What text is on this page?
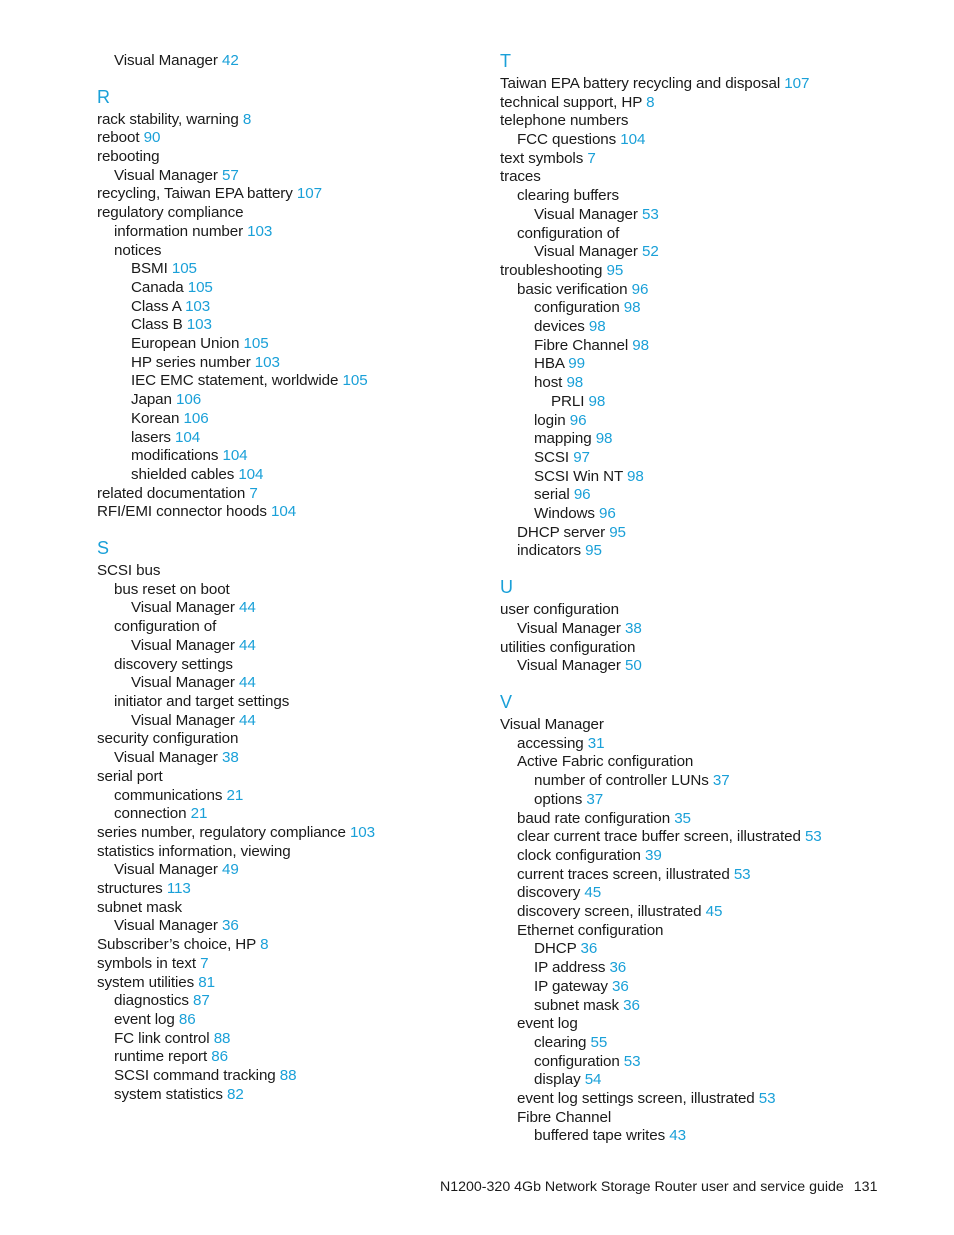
Visual Manager 42
R
rack stability, warning 8
reboot 90
rebooting
Visual Manager 57
recycling, Taiwan EPA battery 107
regulatory compliance
information number 103
notices
BSMI 105
Canada 105
Class A 103
Class B 103
European Union 105
HP series number 103
IEC EMC statement, worldwide 105
Japan 106
Korean 106
lasers 104
modifications 104
shielded cables 104
related documentation 7
RFI/EMI connector hoods 104
S
SCSI bus
bus reset on boot
Visual Manager 44
configuration of
Visual Manager 44
discovery settings
Visual Manager 44
initiator and target settings
Visual Manager 44
security configuration
Visual Manager 38
serial port
communications 21
connection 21
series number, regulatory compliance 103
statistics information, viewing
Visual Manager 49
structures 113
subnet mask
Visual Manager 36
Subscriber’s choice, HP 8
symbols in text 7
system utilities 81
diagnostics 87
event log 86
FC link control 88
runtime report 86
SCSI command tracking 88
system statistics 82
T
Taiwan EPA battery recycling and disposal 107
technical support, HP 8
telephone numbers
FCC questions 104
text symbols 7
traces
clearing buffers
Visual Manager 53
configuration of
Visual Manager 52
troubleshooting 95
basic verification 96
configuration 98
devices 98
Fibre Channel 98
HBA 99
host 98
PRLI 98
login 96
mapping 98
SCSI 97
SCSI Win NT 98
serial 96
Windows 96
DHCP server 95
indicators 95
U
user configuration
Visual Manager 38
utilities configuration
Visual Manager 50
V
Visual Manager
accessing 31
Active Fabric configuration
number of controller LUNs 37
options 37
baud rate configuration 35
clear current trace buffer screen, illustrated 53
clock configuration 39
current traces screen, illustrated 53
discovery 45
discovery screen, illustrated 45
Ethernet configuration
DHCP 36
IP address 36
IP gateway 36
subnet mask 36
event log
clearing 55
configuration 53
display 54
event log settings screen, illustrated 53
Fibre Channel
buffered tape writes 43
N1200-320 4Gb Network Storage Router user and service guide 131
